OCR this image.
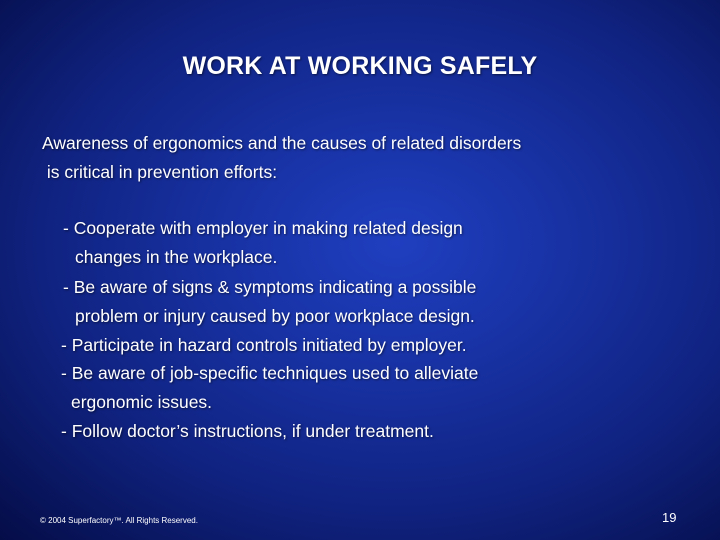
WORK AT WORKING SAFELY
Awareness of ergonomics and the causes of related disorders
is critical in prevention efforts:
- Cooperate with employer in making related design
changes in the workplace.
- Be aware of signs & symptoms indicating a possible
problem or injury caused by poor workplace design.
- Participate in hazard controls initiated by employer.
- Be aware of job-specific techniques used to alleviate
ergonomic issues.
- Follow doctor’s instructions, if under treatment.
© 2004 Superfactory™. All Rights Reserved.	19
